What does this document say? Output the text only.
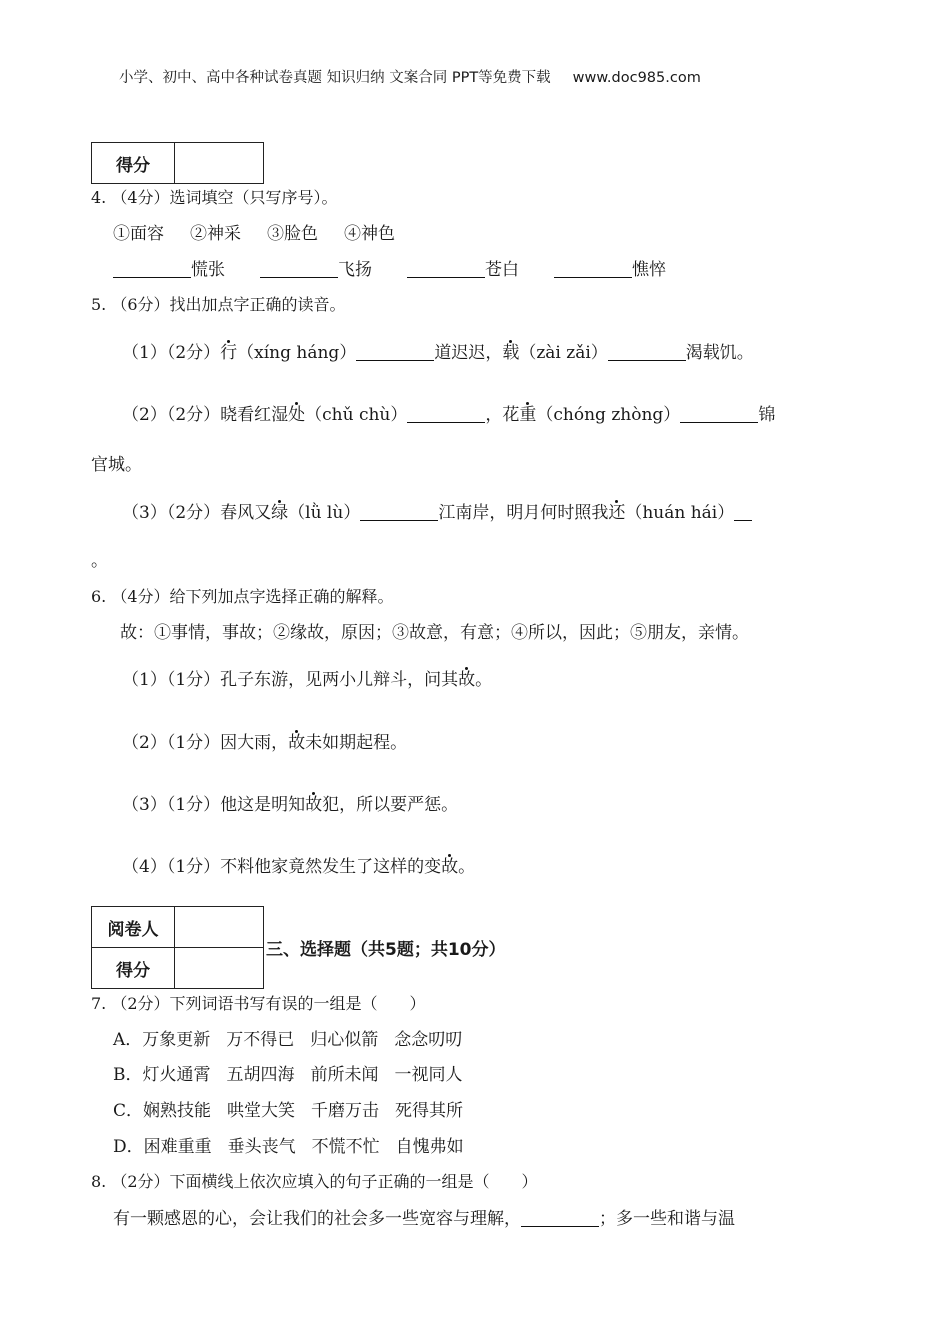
小学、初中、高中各种试卷真题 知识归纳 文案合同 PPT等免费下载 www.doc985.com
得分	
4. （4分）选词填空（只写序号）。
①面容 ②神采 ③脸色 ④神色
慌张	飞扬	苍白	憔悴
5. （6分）找出加点字正确的读音。
（1）（2分）行（xíng háng）	道迟迟，载（zài zǎi）	渴载饥。
（2）（2分）晓看红湿处（chǔ chù）	，花重（chóng zhòng）	锦
官城。
（3）（2分）春风又绿（lǜ lù）	江南岸，明月何时照我还（huán hái）
。
6. （4分）给下列加点字选择正确的解释。
故：①事情，事故；②缘故，原因；③故意，有意；④所以，因此；⑤朋友，亲情。
（1）（1分）孔子东游，见两小儿辩斗，问其故。
（2）（1分）因大雨，故未如期起程。
（3）（1分）他这是明知故犯，所以要严惩。
（4）（1分）不料他家竟然发生了这样的变故。
阅卷人	
得分	
三、选择题（共5题；共10分）
7. （2分）下列词语书写有误的一组是（　　）
A．万象更新 万不得已 归心似箭 念念叨叨
B．灯火通霄 五胡四海 前所未闻 一视同人
C．娴熟技能 哄堂大笑 千磨万击 死得其所
D．困难重重 垂头丧气 不慌不忙 自愧弗如
8. （2分）下面横线上依次应填入的句子正确的一组是（　　）
有一颗感恩的心，会让我们的社会多一些宽容与理解，	；多一些和谐与温
